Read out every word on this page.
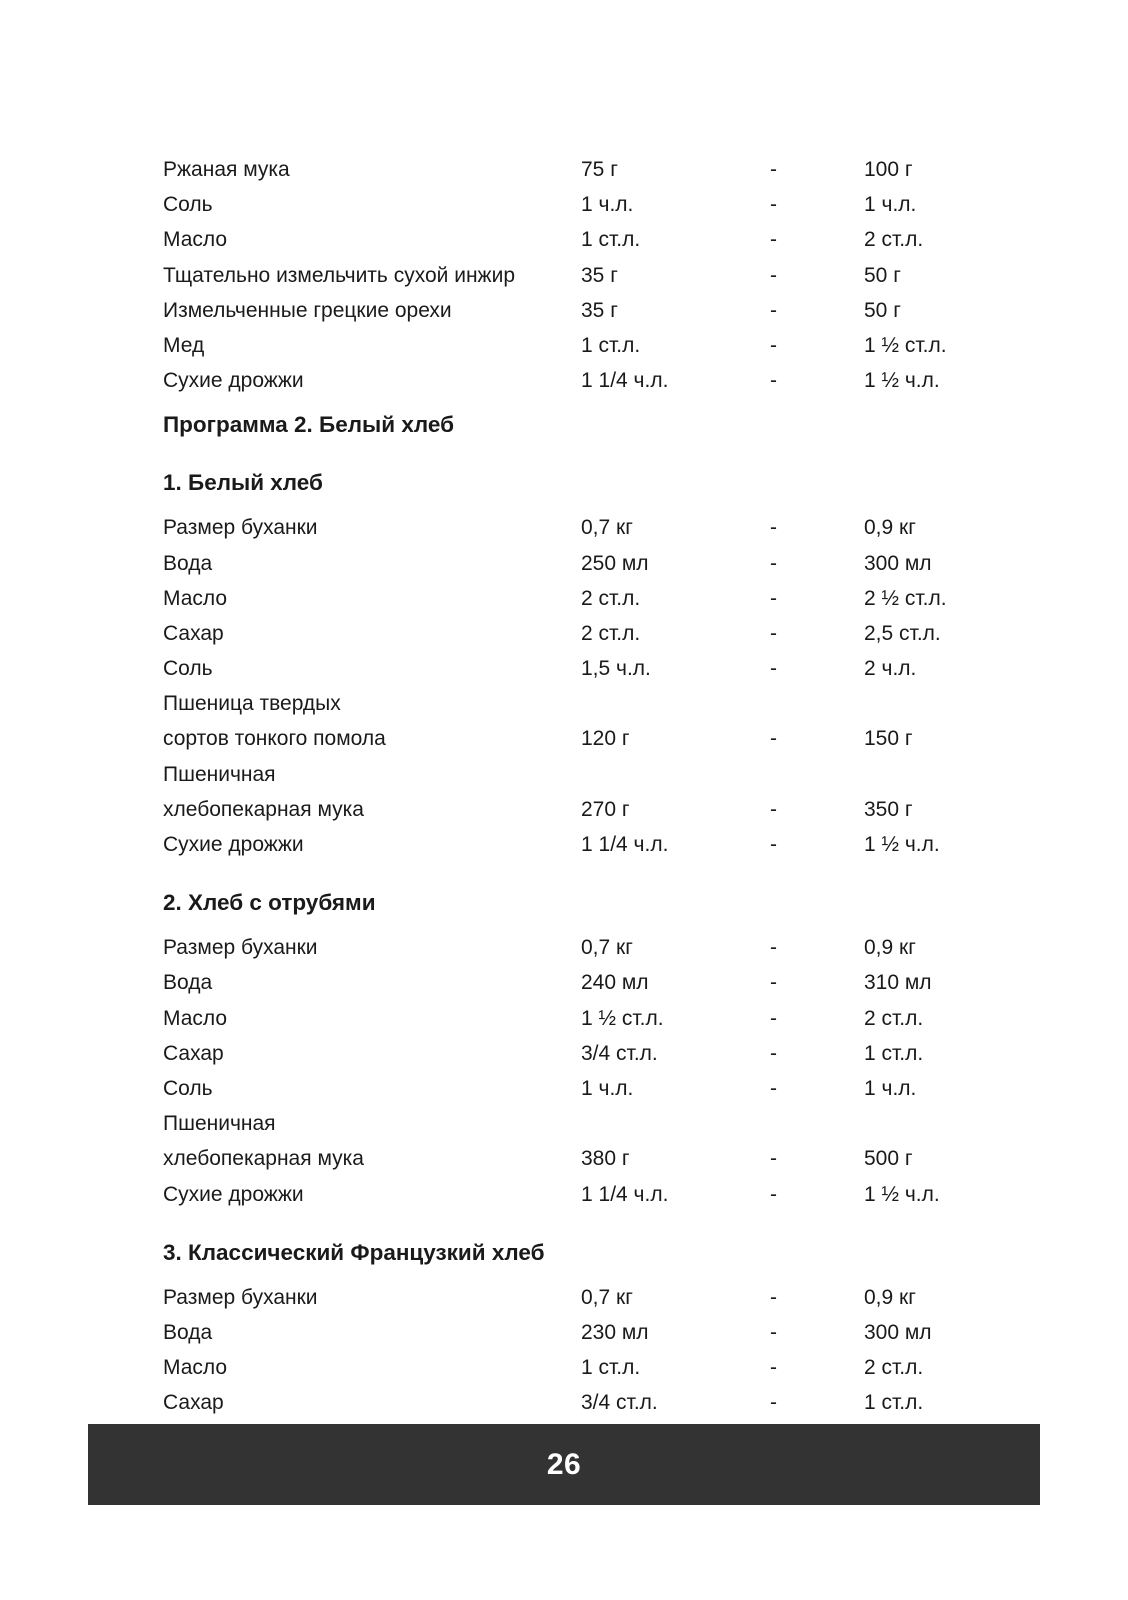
Ржаная мука	75 г	-	100 г
Соль	1 ч.л.	-	1 ч.л.
Масло	1 ст.л.	-	2 ст.л.
Тщательно измельчить сухой инжир	35 г	-	50 г
Измельченные грецкие орехи	35 г	-	50 г
Мед	1 ст.л.	-	1 ½ ст.л.
Сухие дрожжи	1 1/4 ч.л.	-	1 ½ ч.л.
Программа 2. Белый хлеб
1. Белый хлеб
Размер буханки	0,7 кг	-	0,9 кг
Вода	250 мл	-	300 мл
Масло	2 ст.л.	-	2 ½ ст.л.
Сахар	2 ст.л.	-	2,5 ст.л.
Соль	1,5 ч.л.	-	2 ч.л.
Пшеница твердых
сортов тонкого помола	120 г	-	150 г
Пшеничная
хлебопекарная мука	270 г	-	350 г
Сухие дрожжи	1 1/4 ч.л.	-	1 ½ ч.л.
2. Хлеб с отрубями
Размер буханки	0,7 кг	-	0,9 кг
Вода	240 мл	-	310 мл
Масло	1 ½ ст.л.	-	2 ст.л.
Сахар	3/4 ст.л.	-	1 ст.л.
Соль	1 ч.л.	-	1 ч.л.
Пшеничная
хлебопекарная мука	380 г	-	500 г
Сухие дрожжи	1 1/4 ч.л.	-	1 ½ ч.л.
3. Классический Французкий хлеб
Размер буханки	0,7 кг	-	0,9 кг
Вода	230 мл	-	300 мл
Масло	1 ст.л.	-	2 ст.л.
Сахар	3/4 ст.л.	-	1 ст.л.
26
